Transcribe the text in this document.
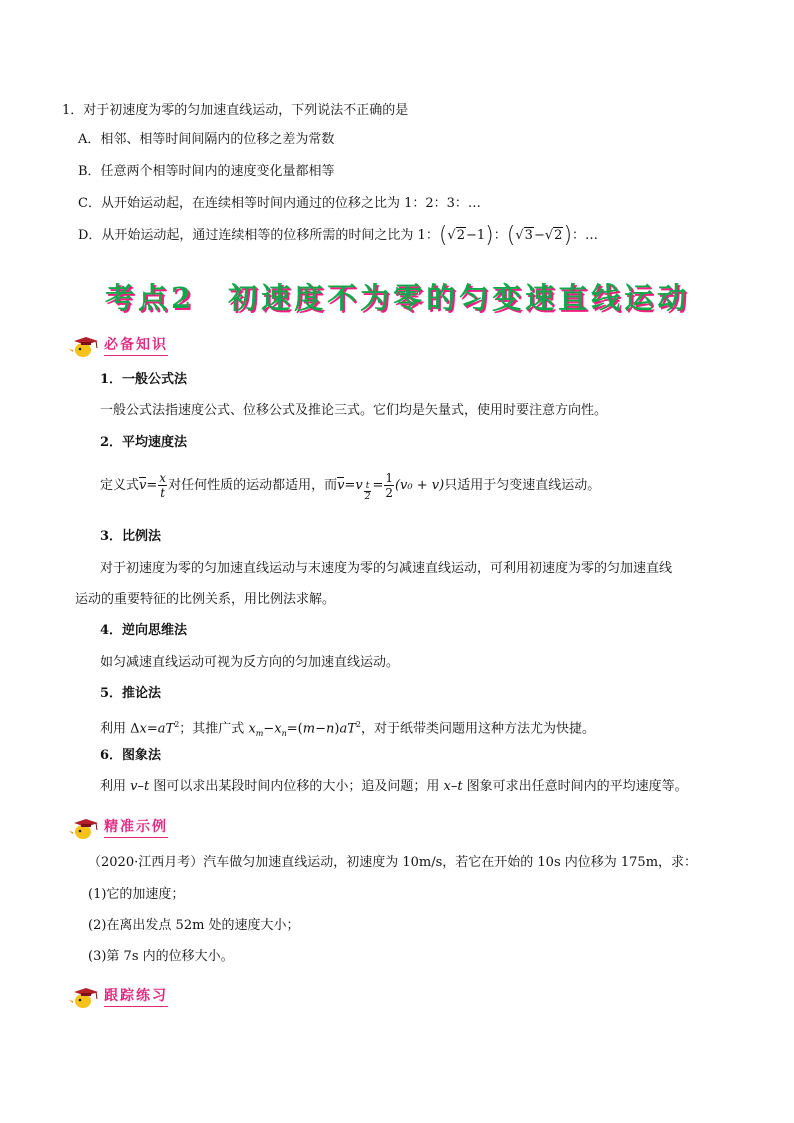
1．对于初速度为零的匀加速直线运动，下列说法不正确的是
A．相邻、相等时间间隔内的位移之差为常数
B．任意两个相等时间内的速度变化量都相等
C．从开始运动起，在连续相等时间内通过的位移之比为 1：2：3：…
D．从开始运动起，通过连续相等的位移所需的时间之比为 1：(√2−1)：(√3−√2)：…
考点2　初速度不为零的匀变速直线运动
必备知识
1．一般公式法
一般公式法指速度公式、位移公式及推论三式。它们均是矢量式，使用时要注意方向性。
2．平均速度法
定义式 $v = \frac{x}{t}$ 对任何性质的运动都适用，而 v = v $\frac{t}{2} = \frac{1}{2} (v_0 + v)$ 只适用于匀变速直线运动。
3．比例法
对于初速度为零的匀加速直线运动与末速度为零的匀减速直线运动，可利用初速度为零的匀加速直线
运动的重要特征的比例关系，用比例法求解。
4．逆向思维法
如匀减速直线运动可视为反方向的匀加速直线运动。
5．推论法
利用 $\Delta x=aT^2$；其推广式 $x_m-x_n=(m-n)aT^2$，对于纸带类问题用这种方法尤为快捷。
6．图象法
利用 v–t 图可以求出某段时间内位移的大小；追及问题；用 x–t 图象可求出任意时间内的平均速度等。
精准示例
（2020·江西月考）汽车做匀加速直线运动，初速度为 10m/s，若它在开始的 10s 内位移为 175m，求：
(1)它的加速度；
(2)在离出发点 52m 处的速度大小；
(3)第 7s 内的位移大小。
跟踪练习
